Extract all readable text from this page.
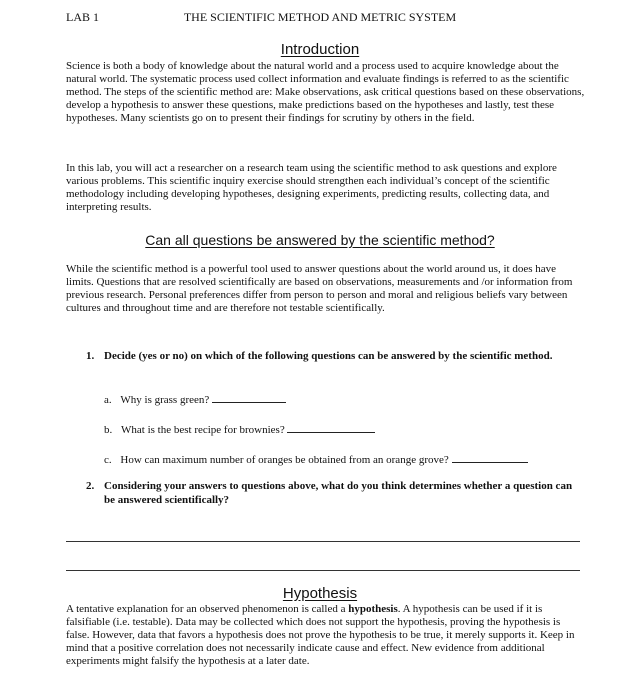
LAB 1	THE SCIENTIFIC METHOD AND METRIC SYSTEM
Introduction

Science is both a body of knowledge about the natural world and a process used to acquire knowledge about the natural world. The systematic process used collect information and evaluate findings is referred to as the scientific method. The steps of the scientific method are: Make observations, ask critical questions based on these observations, develop a hypothesis to answer these questions, make predictions based on the hypotheses and lastly, test these hypotheses. Many scientists go on to present their findings for scrutiny by others in the field.

In this lab, you will act a researcher on a research team using the scientific method to ask questions and explore various problems. This scientific inquiry exercise should strengthen each individual’s concept of the scientific methodology including developing hypotheses, designing experiments, predicting results, collecting data, and interpreting results.

Can all questions be answered by the scientific method?

While the scientific method is a powerful tool used to answer questions about the world around us, it does have limits. Questions that are resolved scientifically are based on observations, measurements and /or information from previous research. Personal preferences differ from person to person and moral and religious beliefs vary between cultures and throughout time and are therefore not testable scientifically.

1. Decide (yes or no) on which of the following questions can be answered by the scientific method.
a. Why is grass green?
b. What is the best recipe for brownies?
c. How can maximum number of oranges be obtained from an orange grove?
2. Considering your answers to questions above, what do you think determines whether a question can be answered scientifically?
Hypothesis

A tentative explanation for an observed phenomenon is called a hypothesis. A hypothesis can be used if it is falsifiable (i.e. testable). Data may be collected which does not support the hypothesis, proving the hypothesis is false. However, data that favors a hypothesis does not prove the hypothesis to be true, it merely supports it. Keep in mind that a positive correlation does not necessarily indicate cause and effect. New evidence from additional experiments might falsify the hypothesis at a later date.
